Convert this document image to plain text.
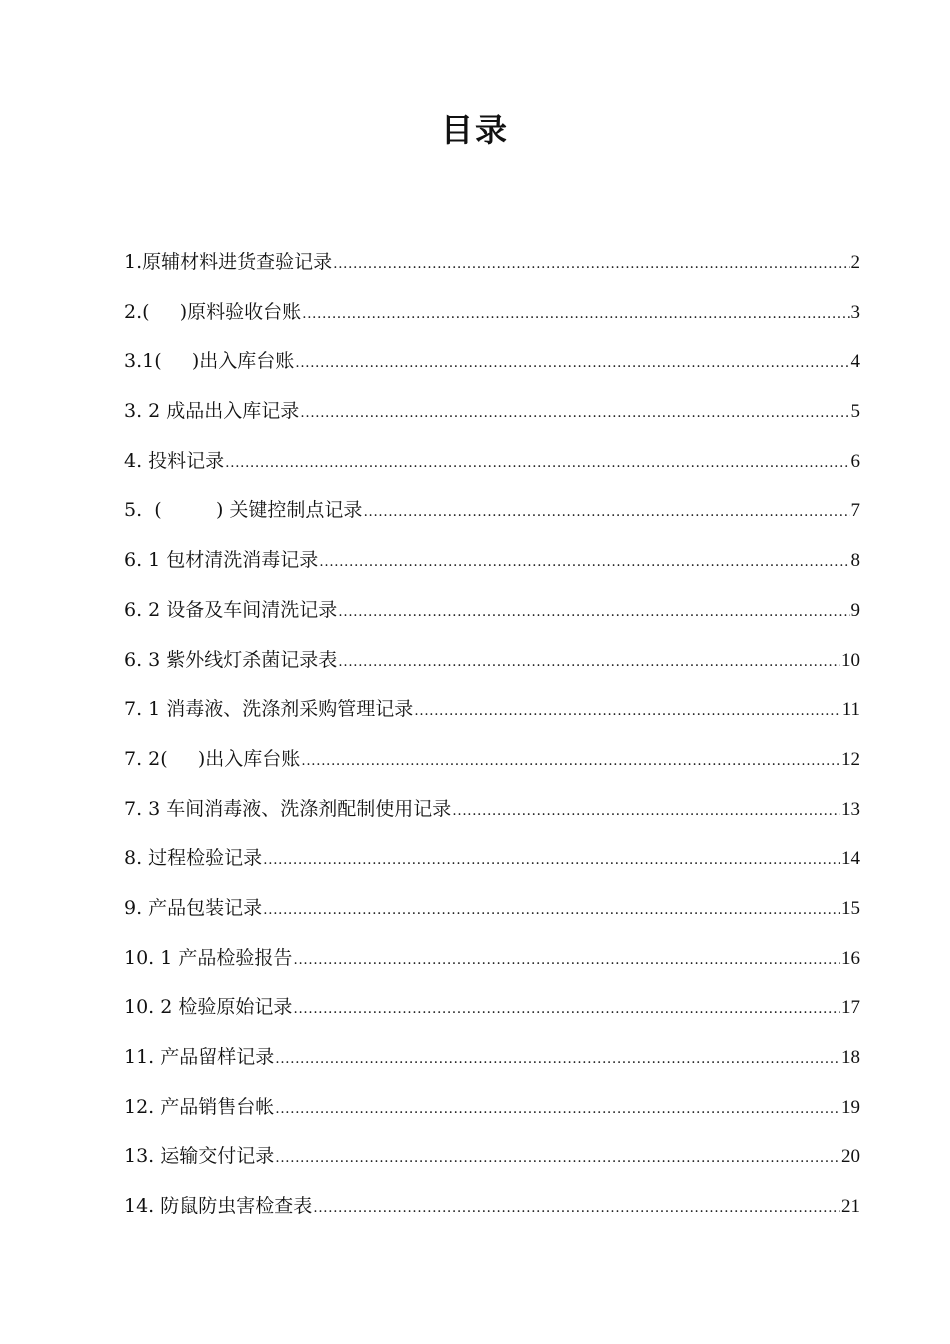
目录
1.原辅材料进货查验记录 .....	2
2.(     )原料验收台账 .....	3
3.1(     )出入库台账 .....	4
3. 2 成品出入库记录 .....	5
4. 投料记录 .....	6
5.  (         ) 关键控制点记录 .....	7
6. 1 包材清洗消毒记录 .....	8
6. 2 设备及车间清洗记录 .....	9
6. 3 紫外线灯杀菌记录表 .....	10
7. 1 消毒液、洗涤剂采购管理记录 .....	11
7. 2(     )出入库台账 .....	12
7. 3 车间消毒液、洗涤剂配制使用记录 .....	13
8. 过程检验记录 .....	14
9. 产品包装记录 .....	15
10. 1 产品检验报告 .....	16
10. 2 检验原始记录 .....	17
11. 产品留样记录 .....	18
12. 产品销售台帐 .....	19
13. 运输交付记录 .....	20
14. 防鼠防虫害检查表 .....	21
